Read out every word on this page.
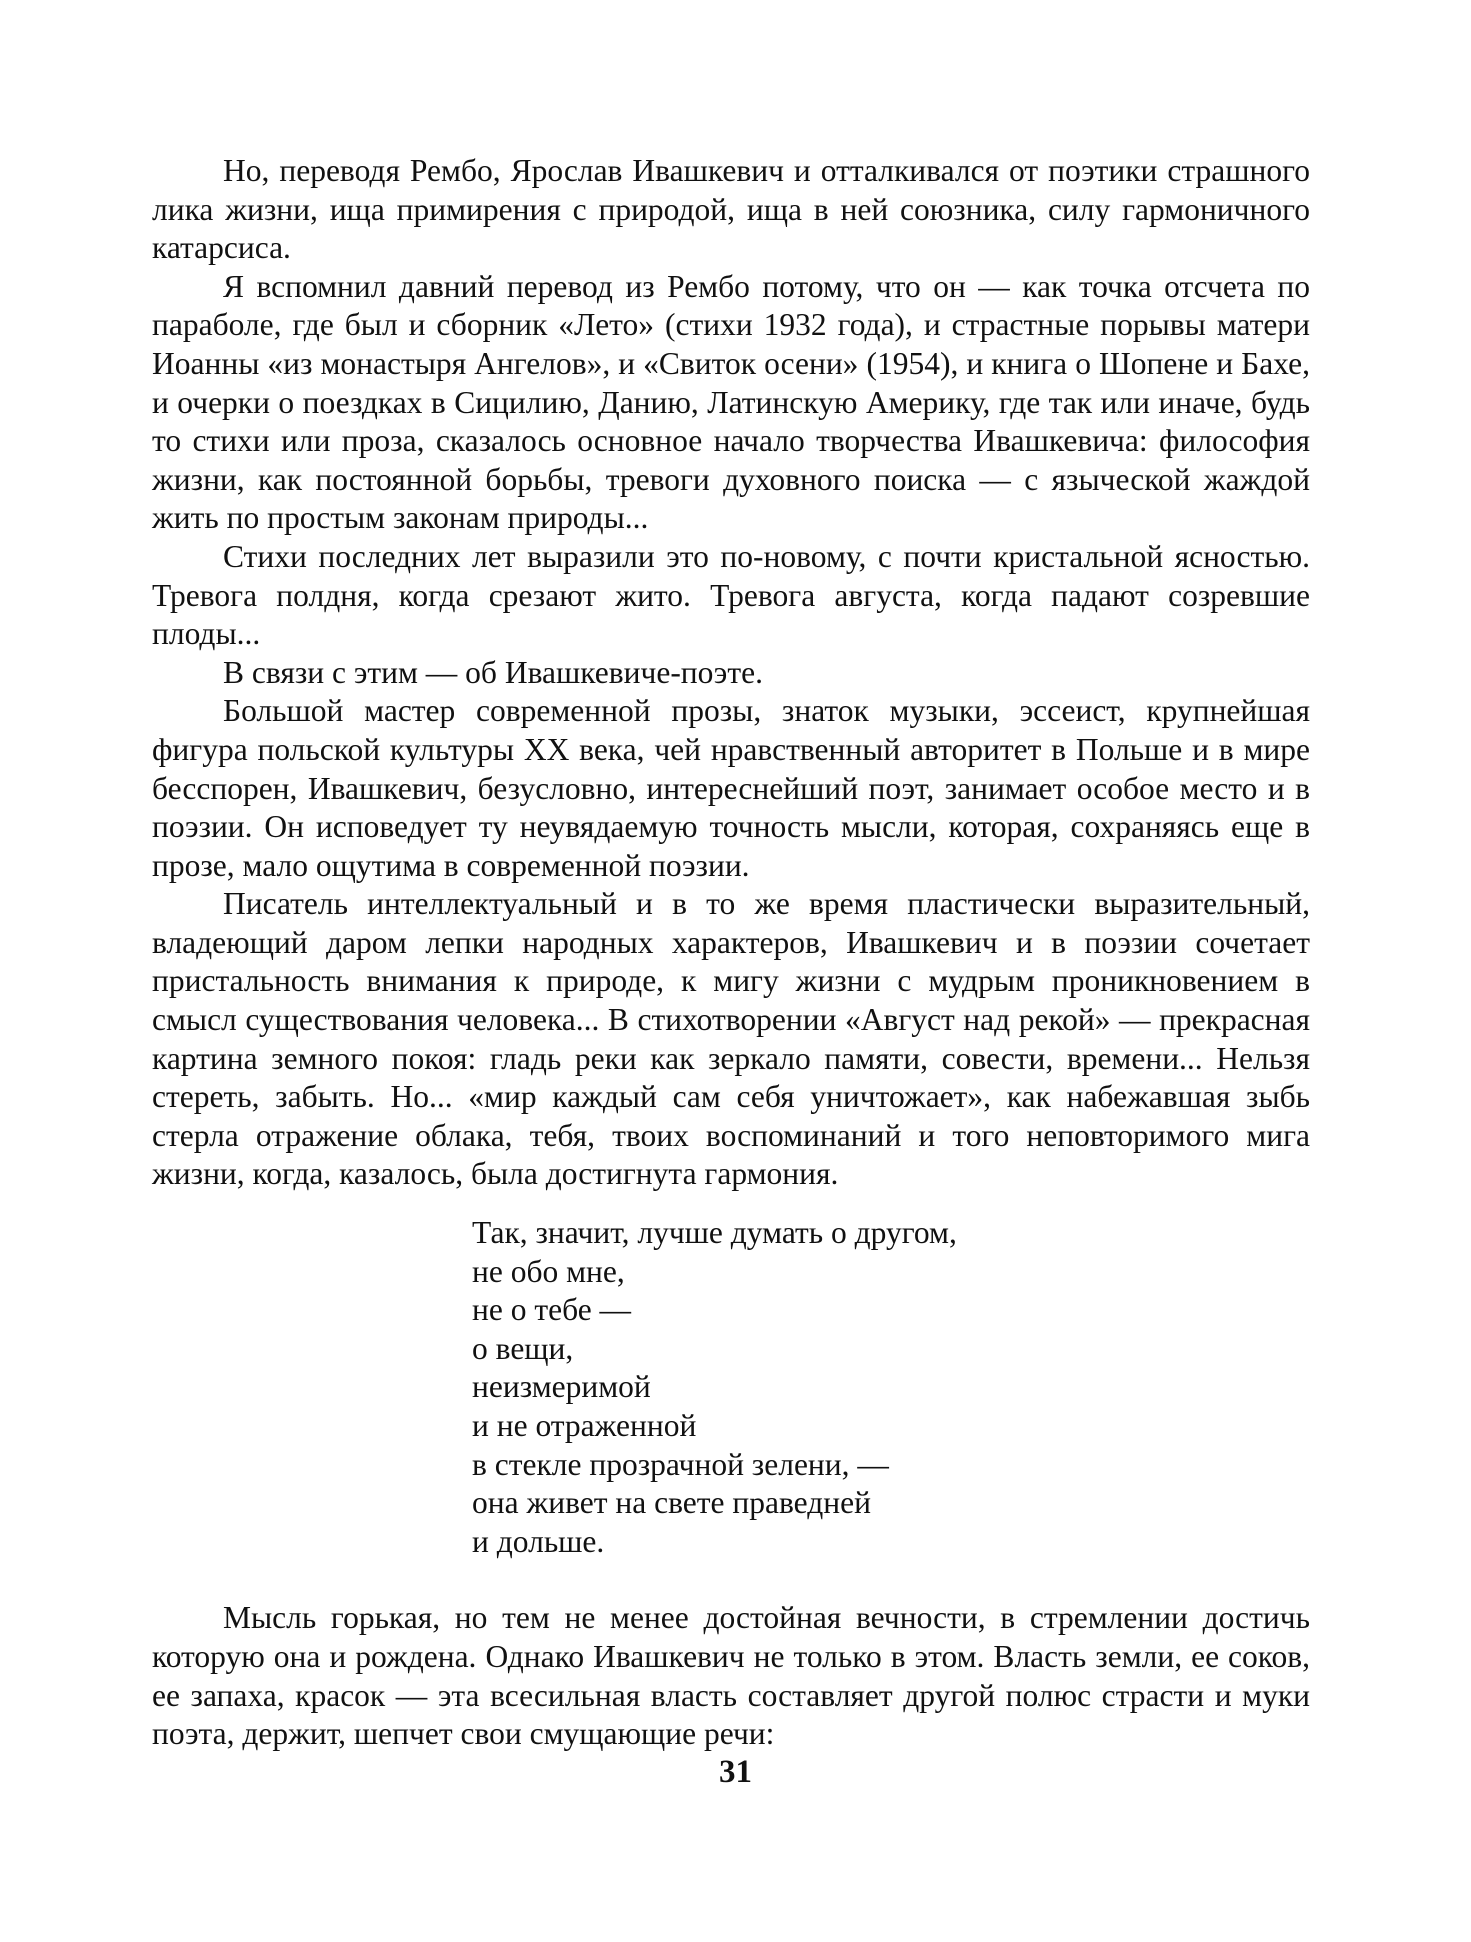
Но, переводя Рембо, Ярослав Ивашкевич и отталкивался от поэтики страшного лика жизни, ища примирения с природой, ища в ней союзника, силу гармоничного катарсиса.

Я вспомнил давний перевод из Рембо потому, что он — как точка отсчета по параболе, где был и сборник «Лето» (стихи 1932 года), и страстные порывы матери Иоанны «из монастыря Ангелов», и «Свиток осени» (1954), и книга о Шопене и Бахе, и очерки о поездках в Сицилию, Данию, Латинскую Америку, где так или иначе, будь то стихи или проза, сказалось основное начало творчества Ивашкевича: философия жизни, как постоянной борьбы, тревоги духовного поиска — с языческой жаждой жить по простым законам природы...

Стихи последних лет выразили это по-новому, с почти кристальной ясностью. Тревога полдня, когда срезают жито. Тревога августа, когда падают созревшие плоды...

В связи с этим — об Ивашкевиче-поэте.

Большой мастер современной прозы, знаток музыки, эссеист, крупнейшая фигура польской культуры XX века, чей нравственный авторитет в Польше и в мире бесспорен, Ивашкевич, безусловно, интереснейший поэт, занимает особое место и в поэзии. Он исповедует ту неувядаемую точность мысли, которая, сохраняясь еще в прозе, мало ощутима в современной поэзии.

Писатель интеллектуальный и в то же время пластически выразительный, владеющий даром лепки народных характеров, Ивашкевич и в поэзии сочетает пристальность внимания к природе, к мигу жизни с мудрым проникновением в смысл существования человека... В стихотворении «Август над рекой» — прекрасная картина земного покоя: гладь реки как зеркало памяти, совести, времени... Нельзя стереть, забыть. Но... «мир каждый сам себя уничтожает», как набежавшая зыбь стерла отражение облака, тебя, твоих воспоминаний и того неповторимого мига жизни, когда, казалось, была достигнута гармония.

Так, значит, лучше думать о другом,
не обо мне,
не о тебе —
о вещи,
неизмеримой
и не отраженной
в стекле прозрачной зелени, —
она живет на свете праведней
и дольше.

Мысль горькая, но тем не менее достойная вечности, в стремлении достичь которую она и рождена. Однако Ивашкевич не только в этом. Власть земли, ее соков, ее запаха, красок — эта всесильная власть составляет другой полюс страсти и муки поэта, держит, шепчет свои смущающие речи:

31
